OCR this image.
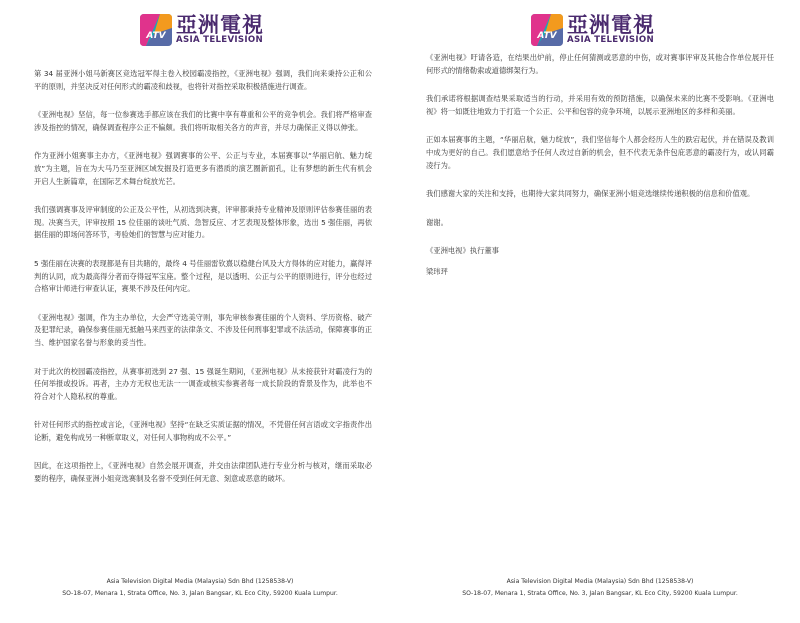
ATV 亞洲電視
ASIA TELEVISION

第 34 届亚洲小姐马新赛区竞选冠军得主卷入校园霸凌指控，《亚洲电视》强调，我们向来秉持公正和公平的原则，并坚决反对任何形式的霸凌和歧视，也将针对指控采取积极措施进行调查。

《亚洲电视》坚信，每一位参赛选手都应该在我们的比赛中享有尊重和公平的竞争机会。我们将严格审查涉及指控的情况，确保调查程序公正不偏颇。我们将听取相关各方的声音，并尽力确保正义得以伸张。

作为亚洲小姐赛事主办方，《亚洲电视》强调赛事的公平、公正与专业，本届赛事以“华丽启航、魅力绽放”为主题，旨在为大马乃至亚洲区域发掘及打造更多有潜质的演艺圈新面孔，让有梦想的新生代有机会开启人生新篇章，在国际艺术舞台绽放光芒。

我们强调赛事及评审制度的公正及公平性，从初选到决赛，评审都秉持专业精神及原则评估参赛佳丽的表现。决赛当天，评审按照 15 位佳丽的谈吐气质、急智反应、才艺表现及整体形象，选出 5 强佳丽，再依据佳丽的即场问答环节，考验她们的智慧与应对能力。

5 强佳丽在决赛的表现都是有目共睹的，最终 4 号佳丽雷钦熹以稳健台风及大方得体的应对能力，赢得评判的认同，成为最高得分者而夺得冠军宝座。整个过程，是以透明、公正与公平的原则进行，评分也经过合格审计师进行审查认证，赛果不涉及任何内定。

《亚洲电视》强调，作为主办单位，大会严守选美守则，事先审核参赛佳丽的个人资料、学历资格、破产及犯罪纪录，确保参赛佳丽无抵触马来西亚的法律条文、不涉及任何刑事犯罪或不法活动，保障赛事的正当、维护国家名誉与形象的妥当性。

对于此次的校园霸凌指控，从赛事初选到 27 强、15 强诞生期间，《亚洲电视》从未接获针对霸凌行为的任何举报或投诉。再者，主办方无权也无法一一调查或核实参赛者每一成长阶段的背景及作为，此举也不符合对个人隐私权的尊重。

针对任何形式的指控或言论，《亚洲电视》坚持“在缺乏实质证据的情况，不凭借任何言语或文字指责作出论断，避免构成另一种断章取义，对任何人事物构成不公平。”

因此，在这项指控上，《亚洲电视》自然会展开调查，并交由法律团队进行专业分析与核对，继而采取必要的程序，确保亚洲小姐竞选赛制及名誉不受到任何无意、刻意或恶意的破坏。

Asia Television Digital Media (Malaysia) Sdn Bhd (1258538-V)
SO-18-07, Menara 1, Strata Office, No. 3, Jalan Bangsar, KL Eco City, 59200 Kuala Lumpur.
ATV 亞洲電視
ASIA TELEVISION

《亚洲电视》吁请各造，在结果出炉前，停止任何猜测或恶意的中伤，或对赛事评审及其他合作单位展开任何形式的情绪勒索或道德绑架行为。

我们承诺将根据调查结果采取适当的行动，并采用有效的预防措施，以确保未来的比赛不受影响。《亚洲电视》将一如既往地致力于打造一个公正、公平和包容的竞争环境，以展示亚洲地区的多样和美丽。

正如本届赛事的主题，“华丽启航，魅力绽放”，我们坚信每个人都会经历人生的跌宕起伏，并在错误及教训中成为更好的自己。我们愿意给予任何人改过自新的机会，但不代表无条件包庇恶意的霸凌行为，或认同霸凌行为。

我们感谢大家的关注和支持，也期待大家共同努力，确保亚洲小姐竞选继续传递积极的信息和价值观。

谢谢。

《亚洲电视》执行董事

梁玮玶

Asia Television Digital Media (Malaysia) Sdn Bhd (1258538-V)
SO-18-07, Menara 1, Strata Office, No. 3, Jalan Bangsar, KL Eco City, 59200 Kuala Lumpur.
